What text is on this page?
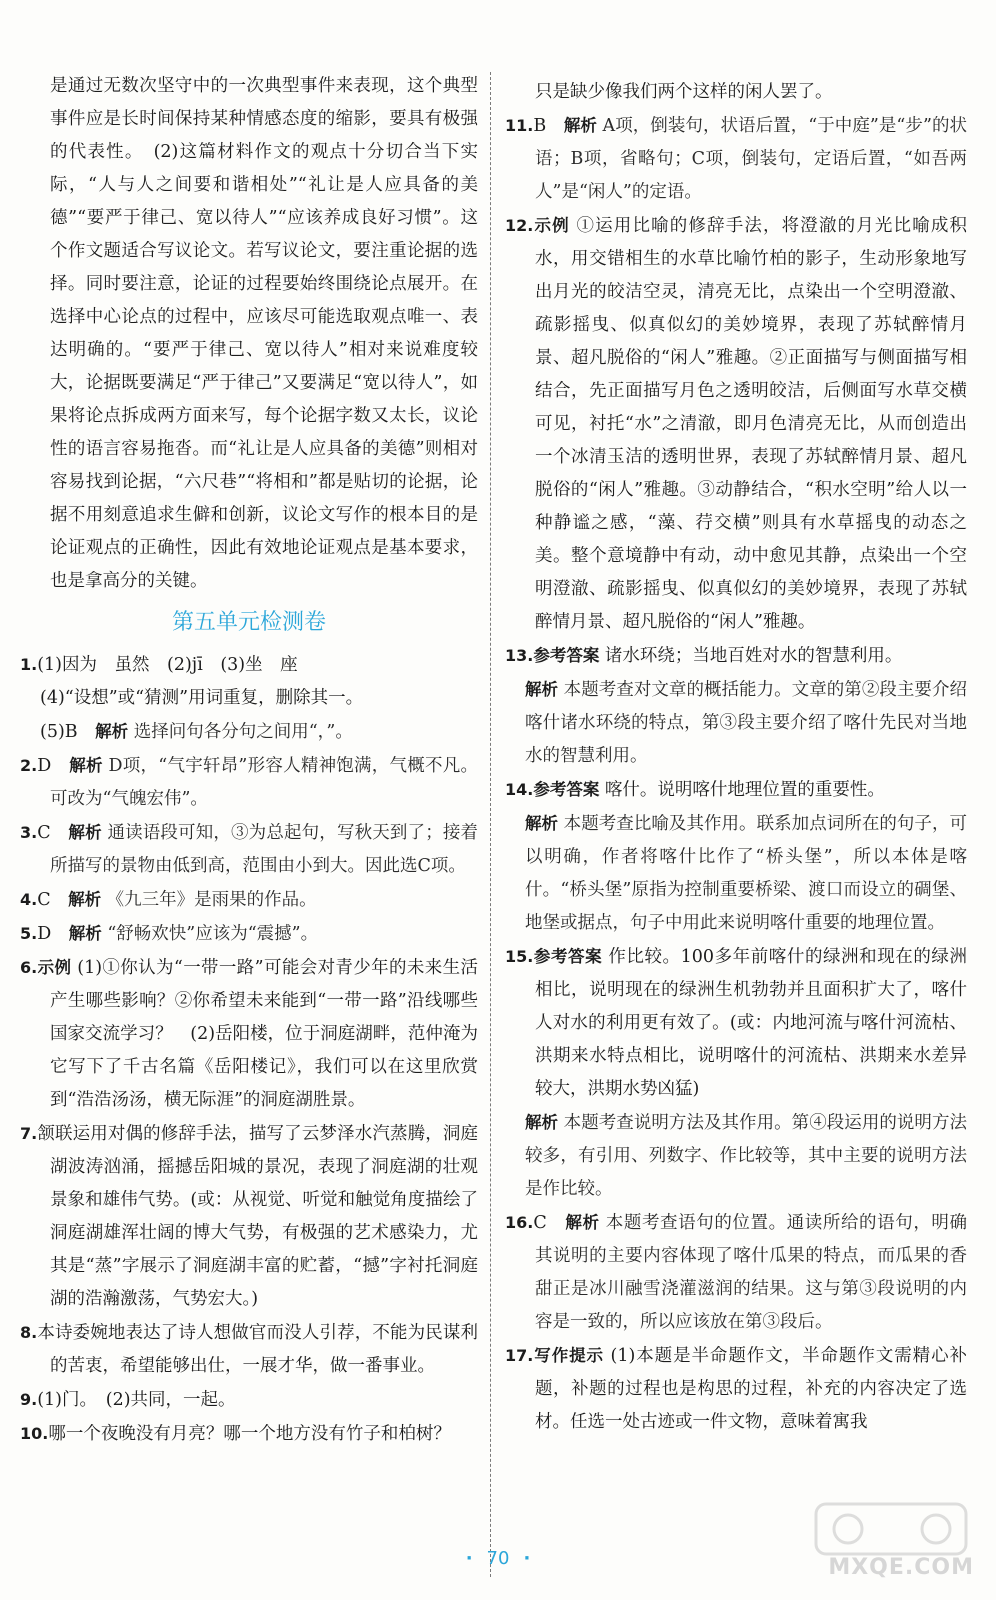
是通过无数次坚守中的一次典型事件来表现，这个典型事件应是长时间保持某种情感态度的缩影，要具有极强的代表性。　(2)这篇材料作文的观点十分切合当下实际，“人与人之间要和谐相处”“礼让是人应具备的美德”“要严于律己、宽以待人”“应该养成良好习惯”。这个作文题适合写议论文。若写议论文，要注重论据的选择。同时要注意，论证的过程要始终围绕论点展开。在选择中心论点的过程中，应该尽可能选取观点唯一、表达明确的。“要严于律己、宽以待人”相对来说难度较大，论据既要满足“严于律己”又要满足“宽以待人”，如果将论点拆成两方面来写，每个论据字数又太长，议论性的语言容易拖沓。而“礼让是人应具备的美德”则相对容易找到论据，“六尺巷”“将相和”都是贴切的论据，论据不用刻意追求生僻和创新，议论文写作的根本目的是论证观点的正确性，因此有效地论证观点是基本要求，也是拿高分的关键。

第五单元检测卷
1.(1)因为　虽然　(2)jī　(3)坐　座

(4)“设想”或“猜测”用词重复，删除其一。

(5)B　解析 选择问句各分句之间用“，”。

2.D　解析 D项，“气宇轩昂”形容人精神饱满，气概不凡。可改为“气魄宏伟”。

3.C　解析 通读语段可知，③为总起句，写秋天到了；接着所描写的景物由低到高，范围由小到大。因此选C项。

4.C　解析 《九三年》是雨果的作品。

5.D　解析 “舒畅欢快”应该为“震撼”。

6.示例 (1)①你认为“一带一路”可能会对青少年的未来生活产生哪些影响？②你希望未来能到“一带一路”沿线哪些国家交流学习？　(2)岳阳楼，位于洞庭湖畔，范仲淹为它写下了千古名篇《岳阳楼记》，我们可以在这里欣赏到“浩浩汤汤，横无际涯”的洞庭湖胜景。

7.颔联运用对偶的修辞手法，描写了云梦泽水汽蒸腾，洞庭湖波涛汹涌，摇撼岳阳城的景况，表现了洞庭湖的壮观景象和雄伟气势。(或：从视觉、听觉和触觉角度描绘了洞庭湖雄浑壮阔的博大气势，有极强的艺术感染力，尤其是“蒸”字展示了洞庭湖丰富的贮蓄，“撼”字衬托洞庭湖的浩瀚激荡，气势宏大。)

8.本诗委婉地表达了诗人想做官而没人引荐，不能为民谋利的苦衷，希望能够出仕，一展才华，做一番事业。

9.(1)门。　(2)共同，一起。

10.哪一个夜晚没有月亮？哪一个地方没有竹子和柏树？

只是缺少像我们两个这样的闲人罢了。

11.B　解析 A项，倒装句，状语后置，“于中庭”是“步”的状语；B项，省略句；C项，倒装句，定语后置，“如吾两人”是“闲人”的定语。

12.示例 ①运用比喻的修辞手法，将澄澈的月光比喻成积水，用交错相生的水草比喻竹柏的影子，生动形象地写出月光的皎洁空灵，清亮无比，点染出一个空明澄澈、疏影摇曳、似真似幻的美妙境界，表现了苏轼醉情月景、超凡脱俗的“闲人”雅趣。②正面描写与侧面描写相结合，先正面描写月色之透明皎洁，后侧面写水草交横可见，衬托“水”之清澈，即月色清亮无比，从而创造出一个冰清玉洁的透明世界，表现了苏轼醉情月景、超凡脱俗的“闲人”雅趣。③动静结合，“积水空明”给人以一种静谧之感，“藻、荇交横”则具有水草摇曳的动态之美。整个意境静中有动，动中愈见其静，点染出一个空明澄澈、疏影摇曳、似真似幻的美妙境界，表现了苏轼醉情月景、超凡脱俗的“闲人”雅趣。

13.参考答案 诸水环绕；当地百姓对水的智慧利用。

解析 本题考查对文章的概括能力。文章的第②段主要介绍喀什诸水环绕的特点，第③段主要介绍了喀什先民对当地水的智慧利用。

14.参考答案 喀什。说明喀什地理位置的重要性。

解析 本题考查比喻及其作用。联系加点词所在的句子，可以明确，作者将喀什比作了“桥头堡”，所以本体是喀什。“桥头堡”原指为控制重要桥梁、渡口而设立的碉堡、地堡或据点，句子中用此来说明喀什重要的地理位置。

15.参考答案 作比较。100多年前喀什的绿洲和现在的绿洲相比，说明现在的绿洲生机勃勃并且面积扩大了，喀什人对水的利用更有效了。(或：内地河流与喀什河流枯、洪期来水特点相比，说明喀什的河流枯、洪期来水差异较大，洪期水势凶猛)

解析 本题考查说明方法及其作用。第④段运用的说明方法较多，有引用、列数字、作比较等，其中主要的说明方法是作比较。

16.C　解析 本题考查语句的位置。通读所给的语句，明确其说明的主要内容体现了喀什瓜果的特点，而瓜果的香甜正是冰川融雪浇灌滋润的结果。这与第③段说明的内容是一致的，所以应该放在第③段后。

17.写作提示 (1)本题是半命题作文，半命题作文需精心补题，补题的过程也是构思的过程，补充的内容决定了选材。任选一处古迹或一件文物，意味着寓我

· 70 ·	MXQE.COM
